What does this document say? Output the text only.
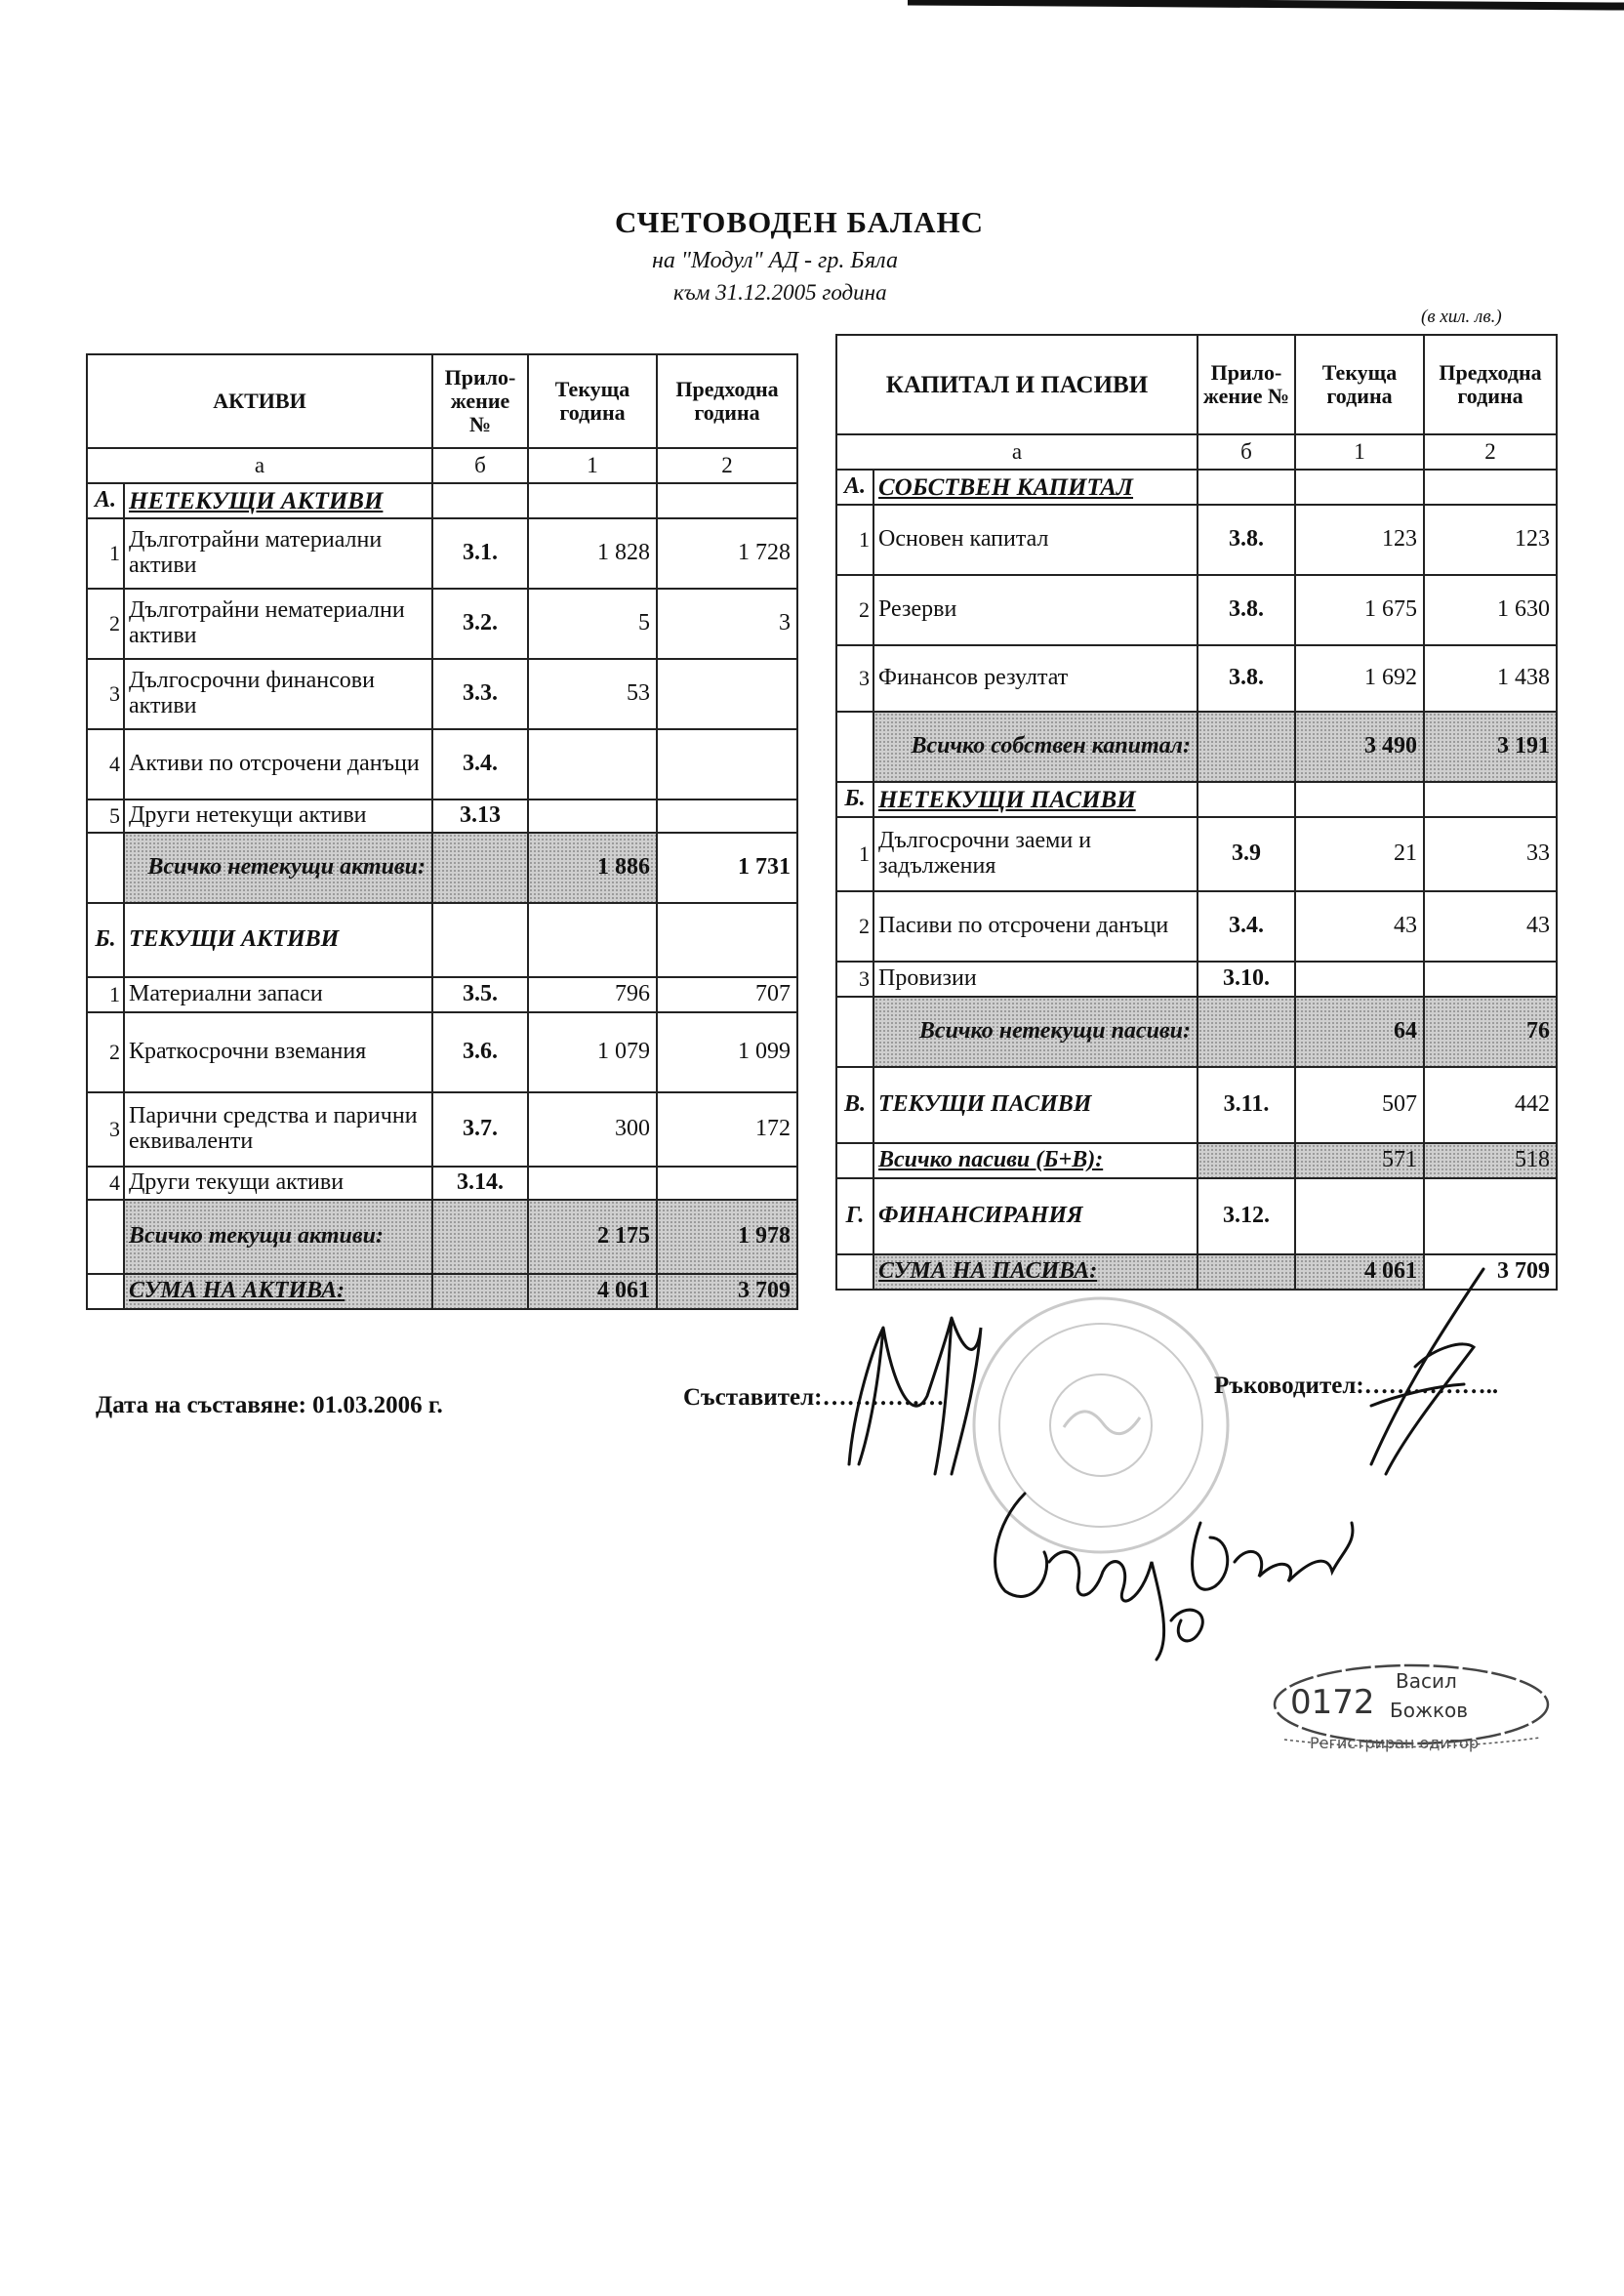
СЧЕТОВОДЕН БАЛАНС
на "Модул" АД - гр. Бяла
към 31.12.2005 година
(в хил. лв.)
АКТИВИ		Прило-жение №	Текуща година	Предходна година
а		б	1	2
А.	НЕТЕКУЩИ АКТИВИ			
1	Дълготрайни материални активи	3.1.	1 828	1 728
2	Дълготрайни нематериални активи	3.2.	5	3
3	Дългосрочни финансови активи	3.3.	53	
4	Активи по отсрочени данъци	3.4.		
5	Други нетекущи активи	3.13		
	Всичко нетекущи активи:		1 886	1 731
Б.	ТЕКУЩИ АКТИВИ			
1	Материални запаси	3.5.	796	707
2	Краткосрочни вземания	3.6.	1 079	1 099
3	Парични средства и парични еквиваленти	3.7.	300	172
4	Други текущи активи	3.14.		
	Всичко текущи активи:		2 175	1 978
	СУМА НА АКТИВА:		4 061	3 709
КАПИТАЛ И ПАСИВИ		Прило-жение №	Текуща година	Предходна година
а		б	1	2
А.	СОБСТВЕН КАПИТАЛ			
1	Основен капитал	3.8.	123	123
2	Резерви	3.8.	1 675	1 630
3	Финансов резултат	3.8.	1 692	1 438
	Всичко собствен капитал:		3 490	3 191
Б.	НЕТЕКУЩИ ПАСИВИ			
1	Дългосрочни заеми и задължения	3.9	21	33
2	Пасиви по отсрочени данъци	3.4.	43	43
3	Провизии	3.10.		
	Всичко нетекущи пасиви:		64	76
В.	ТЕКУЩИ ПАСИВИ	3.11.	507	442
	Всичко пасиви (Б+В):		571	518
Г.	ФИНАНСИРАНИЯ	3.12.		
	СУМА НА ПАСИВА:		4 061	3 709
Дата на съставяне: 01.03.2006 г.	Съставител:……………	Ръководител:……………..
0172
Васил
Божков
Регистриран одитор
